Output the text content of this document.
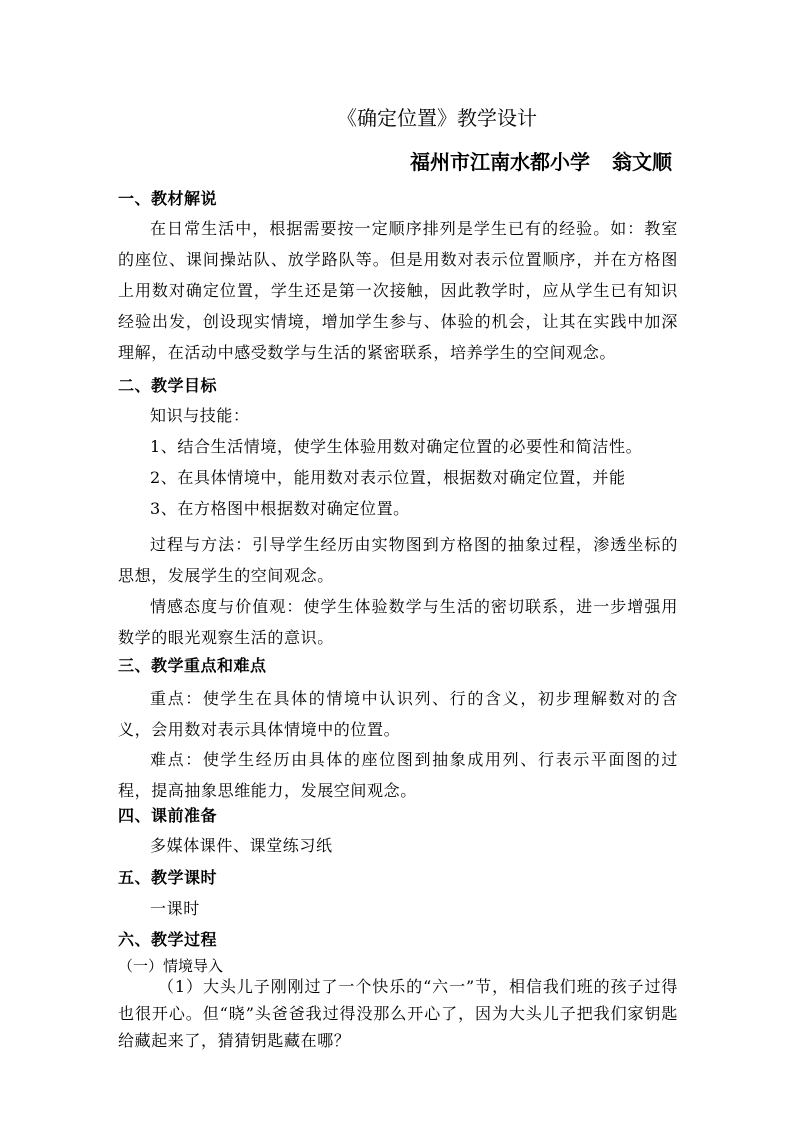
《确定位置》教学设计
福州市江南水都小学 翁文顺
一、教材解说
在日常生活中，根据需要按一定顺序排列是学生已有的经验。如：教室的座位、课间操站队、放学路队等。但是用数对表示位置顺序，并在方格图上用数对确定位置，学生还是第一次接触，因此教学时，应从学生已有知识经验出发，创设现实情境，增加学生参与、体验的机会，让其在实践中加深理解，在活动中感受数学与生活的紧密联系，培养学生的空间观念。
二、教学目标
知识与技能：
1、结合生活情境，使学生体验用数对确定位置的必要性和简洁性。
2、在具体情境中，能用数对表示位置，根据数对确定位置，并能
3、在方格图中根据数对确定位置。
过程与方法：引导学生经历由实物图到方格图的抽象过程，渗透坐标的思想，发展学生的空间观念。
情感态度与价值观：使学生体验数学与生活的密切联系，进一步增强用数学的眼光观察生活的意识。
三、教学重点和难点
重点：使学生在具体的情境中认识列、行的含义，初步理解数对的含义，会用数对表示具体情境中的位置。
难点：使学生经历由具体的座位图到抽象成用列、行表示平面图的过程，提高抽象思维能力，发展空间观念。
四、课前准备
多媒体课件、课堂练习纸
五、教学课时
一课时
六、教学过程
（一）情境导入
（1）大头儿子刚刚过了一个快乐的“六一”节，相信我们班的孩子过得也很开心。但“晓”头爸爸我过得没那么开心了，因为大头儿子把我们家钥匙给藏起来了，猜猜钥匙藏在哪？
